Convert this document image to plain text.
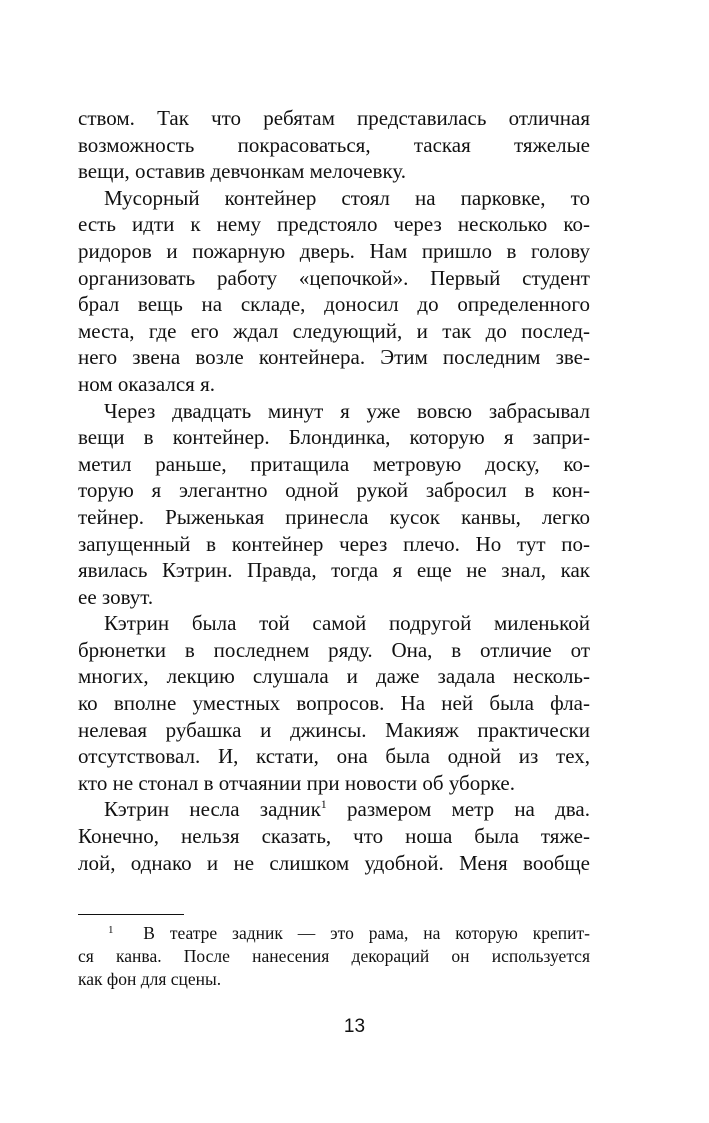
ством. Так что ребятам представилась отличная
возможность покрасоваться, таская тяжелые
вещи, оставив девчонкам мелочевку.
Мусорный контейнер стоял на парковке, то
есть идти к нему предстояло через несколько ко-
ридоров и пожарную дверь. Нам пришло в голову
организовать работу «цепочкой». Первый студент
брал вещь на складе, доносил до определенного
места, где его ждал следующий, и так до послед-
него звена возле контейнера. Этим последним зве-
ном оказался я.
Через двадцать минут я уже вовсю забрасывал
вещи в контейнер. Блондинка, которую я запри-
метил раньше, притащила метровую доску, ко-
торую я элегантно одной рукой забросил в кон-
тейнер. Рыженькая принесла кусок канвы, легко
запущенный в контейнер через плечо. Но тут по-
явилась Кэтрин. Правда, тогда я еще не знал, как
ее зовут.
Кэтрин была той самой подругой миленькой
брюнетки в последнем ряду. Она, в отличие от
многих, лекцию слушала и даже задала несколь-
ко вполне уместных вопросов. На ней была фла-
нелевая рубашка и джинсы. Макияж практически
отсутствовал. И, кстати, она была одной из тех,
кто не стонал в отчаянии при новости об уборке.
Кэтрин несла задник$^1$ размером метр на два.
Конечно, нельзя сказать, что ноша была тяже-
лой, однако и не слишком удобной. Меня вообще
$^1$ В театре задник — это рама, на которую крепит-
ся канва. После нанесения декораций он используется
как фон для сцены.
13
